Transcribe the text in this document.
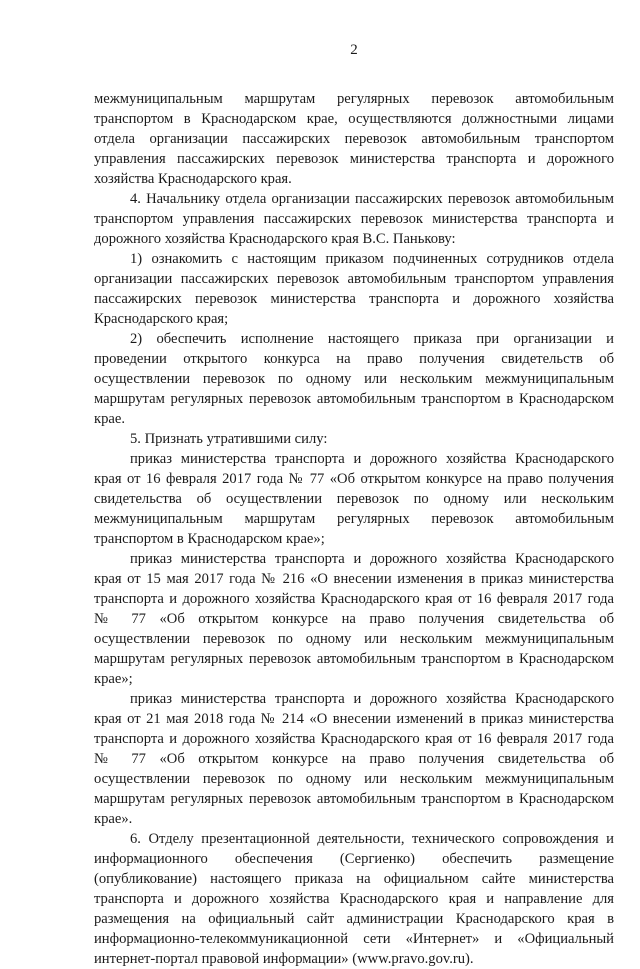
2

межмуниципальным маршрутам регулярных перевозок автомобильным транспортом в Краснодарском крае, осуществляются должностными лицами отдела организации пассажирских перевозок автомобильным транспортом управления пассажирских перевозок министерства транспорта и дорожного хозяйства Краснодарского края.

4. Начальнику отдела организации пассажирских перевозок автомобильным транспортом управления пассажирских перевозок министерства транспорта и дорожного хозяйства Краснодарского края В.С. Панькову:

1) ознакомить с настоящим приказом подчиненных сотрудников отдела организации пассажирских перевозок автомобильным транспортом управления пассажирских перевозок министерства транспорта и дорожного хозяйства Краснодарского края;

2) обеспечить исполнение настоящего приказа при организации и проведении открытого конкурса на право получения свидетельств об осуществлении перевозок по одному или нескольким межмуниципальным маршрутам регулярных перевозок автомобильным транспортом в Краснодарском крае.

5. Признать утратившими силу:

приказ министерства транспорта и дорожного хозяйства Краснодарского края от 16 февраля 2017 года № 77 «Об открытом конкурсе на право получения свидетельства об осуществлении перевозок по одному или нескольким межмуниципальным маршрутам регулярных перевозок автомобильным транспортом в Краснодарском крае»;

приказ министерства транспорта и дорожного хозяйства Краснодарского края от 15 мая 2017 года № 216 «О внесении изменения в приказ министерства транспорта и дорожного хозяйства Краснодарского края от 16 февраля 2017 года № 77 «Об открытом конкурсе на право получения свидетельства об осуществлении перевозок по одному или нескольким межмуниципальным маршрутам регулярных перевозок автомобильным транспортом в Краснодарском крае»;

приказ министерства транспорта и дорожного хозяйства Краснодарского края от 21 мая 2018 года № 214 «О внесении изменений в приказ министерства транспорта и дорожного хозяйства Краснодарского края от 16 февраля 2017 года № 77 «Об открытом конкурсе на право получения свидетельства об осуществлении перевозок по одному или нескольким межмуниципальным маршрутам регулярных перевозок автомобильным транспортом в Краснодарском крае».

6. Отделу презентационной деятельности, технического сопровождения и информационного обеспечения (Сергиенко) обеспечить размещение (опубликование) настоящего приказа на официальном сайте министерства транспорта и дорожного хозяйства Краснодарского края и направление для размещения на официальный сайт администрации Краснодарского края в информационно-телекоммуникационной сети «Интернет» и «Официальный интернет-портал правовой информации» (www.pravo.gov.ru).
